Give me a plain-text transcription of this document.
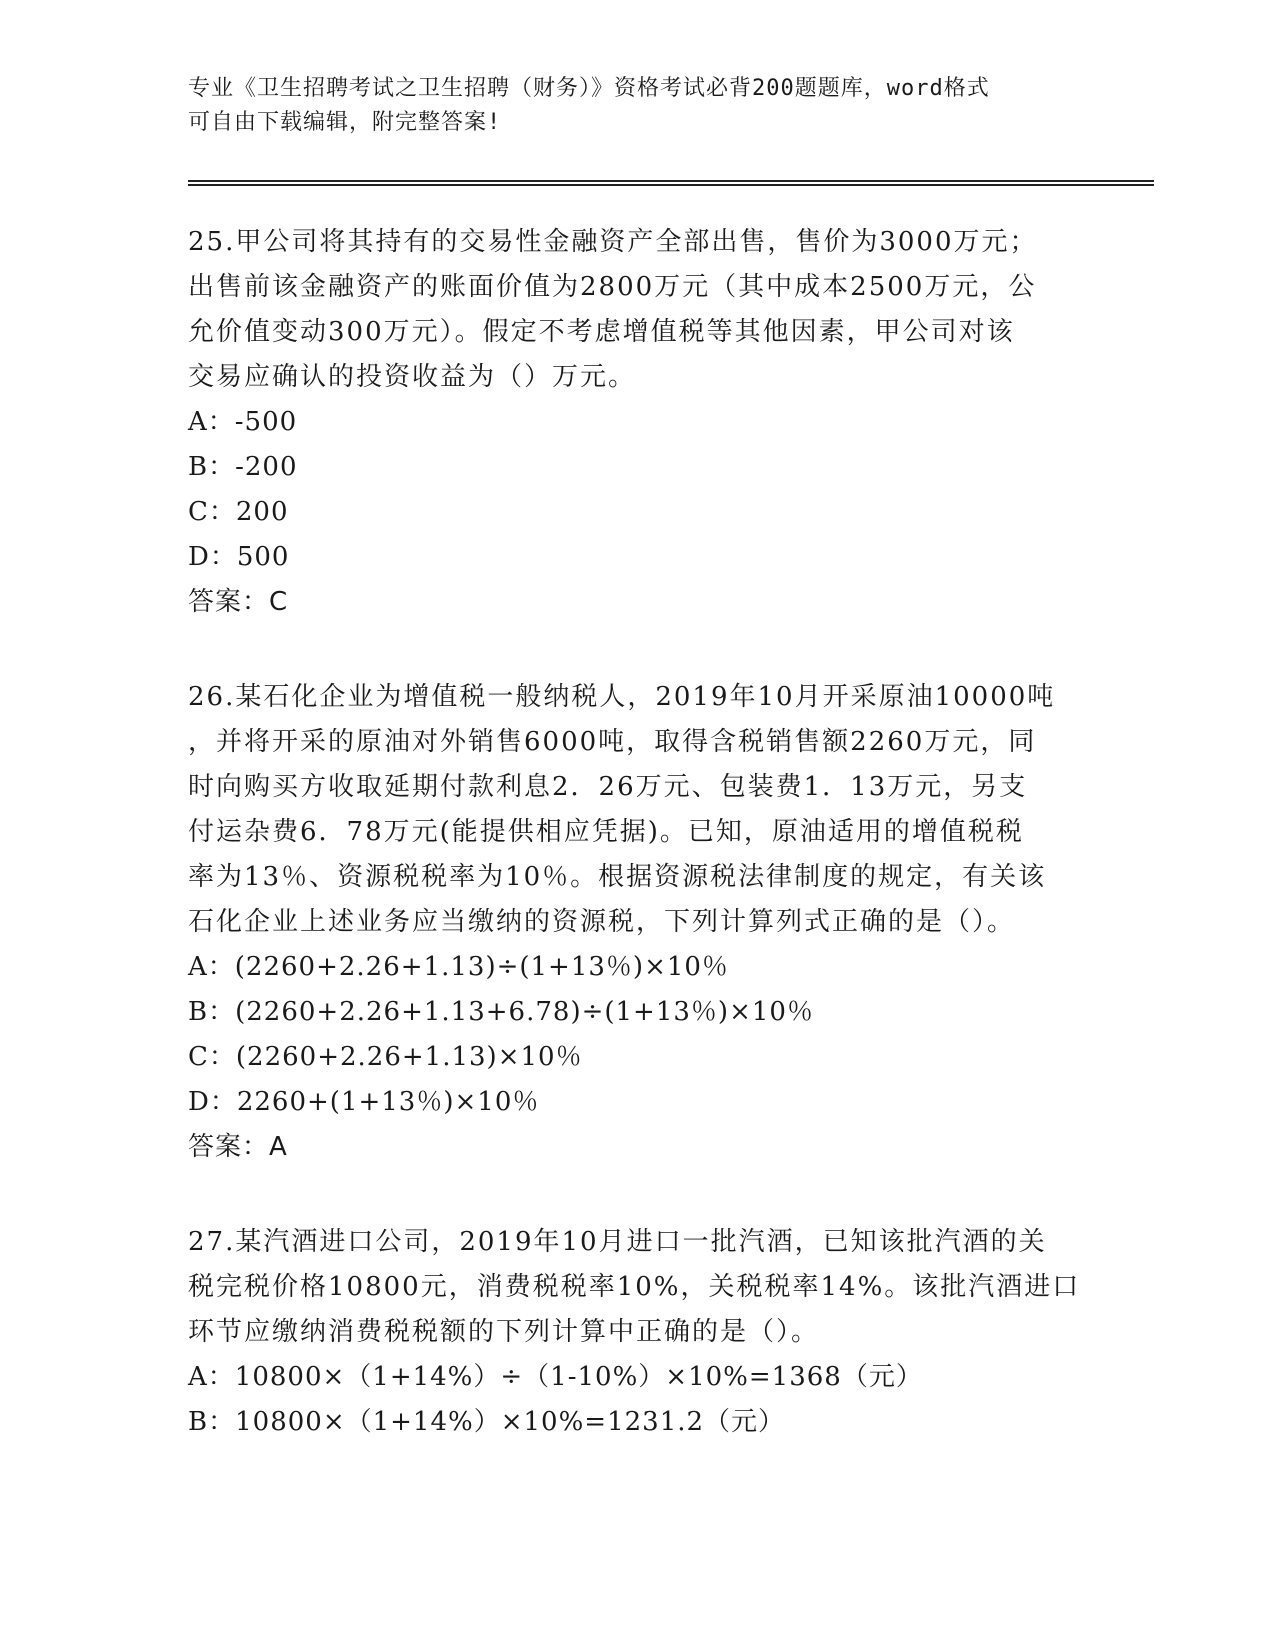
专业《卫生招聘考试之卫生招聘（财务）》资格考试必背200题题库，word格式
可自由下载编辑，附完整答案!

25.甲公司将其持有的交易性金融资产全部出售，售价为3000万元；

出售前该金融资产的账面价值为2800万元（其中成本2500万元，公

允价值变动300万元）。假定不考虑增值税等其他因素，甲公司对该

交易应确认的投资收益为（）万元。

A：-500

B：-200

C：200

D：500

答案：C

26.某石化企业为增值税一般纳税人，2019年10月开采原油10000吨

，并将开采的原油对外销售6000吨，取得含税销售额2260万元，同

时向购买方收取延期付款利息2．26万元、包装费1．13万元，另支

付运杂费6．78万元(能提供相应凭据)。已知，原油适用的增值税税

率为13％、资源税税率为10％。根据资源税法律制度的规定，有关该

石化企业上述业务应当缴纳的资源税，下列计算列式正确的是（）。

A：(2260+2.26+1.13)÷(1+13％)×10％

B：(2260+2.26+1.13+6.78)÷(1+13％)×10％

C：(2260+2.26+1.13)×10％

D：2260+(1+13％)×10％

答案：A

27.某汽酒进口公司，2019年10月进口一批汽酒，已知该批汽酒的关

税完税价格10800元，消费税税率10%，关税税率14%。该批汽酒进口

环节应缴纳消费税税额的下列计算中正确的是（）。

A：10800×（1+14%）÷（1-10%）×10%=1368（元）

B：10800×（1+14%）×10%=1231.2（元）
